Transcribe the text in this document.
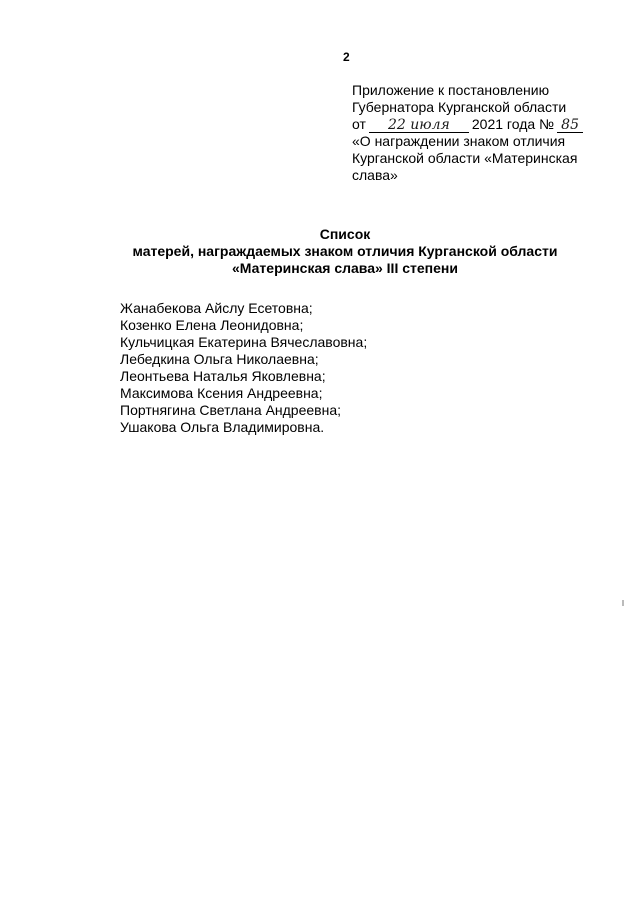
2
Приложение к постановлению
Губернатора Курганской области
от 22 июля 2021 года № 85
«О награждении знаком отличия
Курганской области «Материнская
слава»
Список
матерей, награждаемых знаком отличия Курганской области
«Материнская слава» III степени
Жанабекова Айслу Есетовна;
Козенко Елена Леонидовна;
Кульчицкая Екатерина Вячеславовна;
Лебедкина Ольга Николаевна;
Леонтьева Наталья Яковлевна;
Максимова Ксения Андреевна;
Портнягина Светлана Андреевна;
Ушакова Ольга Владимировна.
